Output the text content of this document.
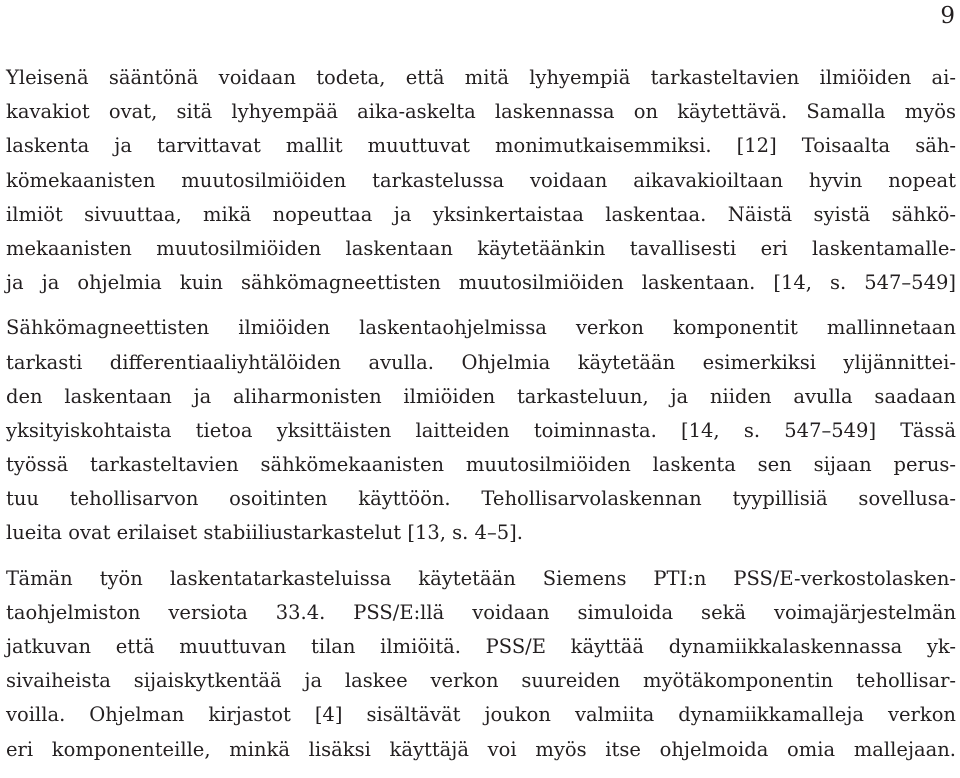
9
Yleisenä sääntönä voidaan todeta, että mitä lyhyempiä tarkasteltavien ilmiöiden ai-
kavakiot ovat, sitä lyhyempää aika-askelta laskennassa on käytettävä. Samalla myös
laskenta ja tarvittavat mallit muuttuvat monimutkaisemmiksi. [12] Toisaalta säh-
kömekaanisten muutosilmiöiden tarkastelussa voidaan aikavakioiltaan hyvin nopeat
ilmiöt sivuuttaa, mikä nopeuttaa ja yksinkertaistaa laskentaa. Näistä syistä sähkö-
mekaanisten muutosilmiöiden laskentaan käytetäänkin tavallisesti eri laskentamalle-
ja ja ohjelmia kuin sähkömagneettisten muutosilmiöiden laskentaan. [14, s. 547–549]
Sähkömagneettisten ilmiöiden laskentaohjelmissa verkon komponentit mallinnetaan
tarkasti differentiaaliyhtälöiden avulla. Ohjelmia käytetään esimerkiksi ylijännittei-
den laskentaan ja aliharmonisten ilmiöiden tarkasteluun, ja niiden avulla saadaan
yksityiskohtaista tietoa yksittäisten laitteiden toiminnasta. [14, s. 547–549] Tässä
työssä tarkasteltavien sähkömekaanisten muutosilmiöiden laskenta sen sijaan perus-
tuu tehollisarvon osoitinten käyttöön. Tehollisarvolaskennan tyypillisiä sovellusa-
lueita ovat erilaiset stabiiliustarkastelut [13, s. 4–5].
Tämän työn laskentatarkasteluissa käytetään Siemens PTI:n PSS/E-verkostolasken-
taohjelmiston versiota 33.4. PSS/E:llä voidaan simuloida sekä voimajärjestelmän
jatkuvan että muuttuvan tilan ilmiöitä. PSS/E käyttää dynamiikkalaskennassa yk-
sivaiheista sijaiskytkentää ja laskee verkon suureiden myötäkomponentin tehollisar-
voilla. Ohjelman kirjastot [4] sisältävät joukon valmiita dynamiikkamalleja verkon
eri komponenteille, minkä lisäksi käyttäjä voi myös itse ohjelmoida omia mallejaan.
